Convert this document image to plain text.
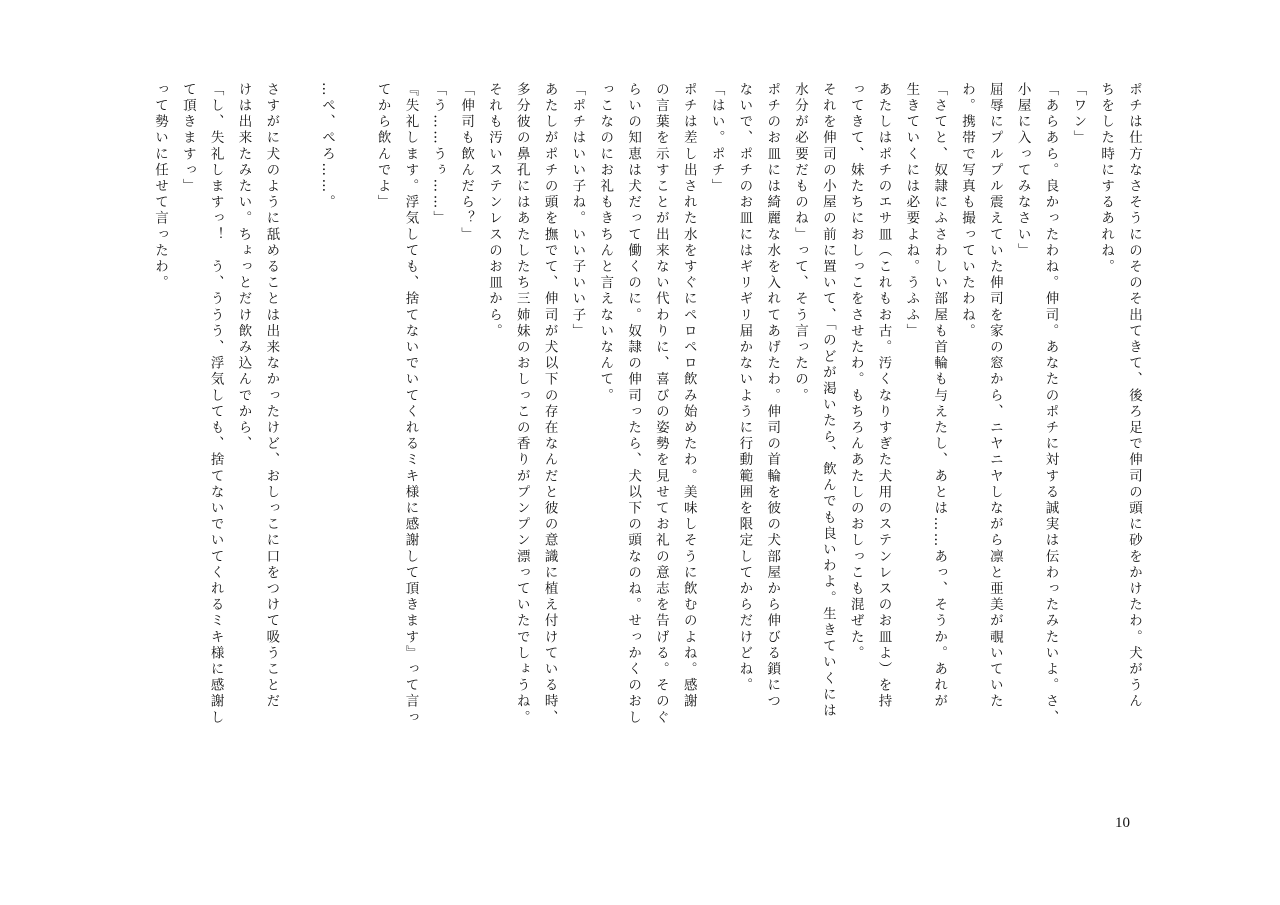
ポチは仕方なさそうにのそのそ出てきて、後ろ足で伸司の頭に砂をかけたわ。犬がうん
ちをした時にするあれね。
「ワン」
「あらあら。良かったわね。伸司。あなたのポチに対する誠実は伝わったみたいよ。さ、
小屋に入ってみなさい」
屈辱にプルプル震えていた伸司を家の窓から、ニヤニヤしながら凛と亜美が覗いていた
わ。携帯で写真も撮っていたわね。
「さてと、奴隷にふさわしい部屋も首輪も与えたし、あとは……あっ、そうか。あれが
生きていくには必要よね。うふふ」
あたしはポチのエサ皿（これもお古。汚くなりすぎた犬用のステンレスのお皿よ）を持
ってきて、妹たちにおしっこをさせたわ。もちろんあたしのおしっこも混ぜた。
それを伸司の小屋の前に置いて、「のどが渇いたら、飲んでも良いわよ。生きていくには
水分が必要だものね」って、そう言ったの。
ポチのお皿には綺麗な水を入れてあげたわ。伸司の首輪を彼の犬部屋から伸びる鎖につ
ないで、ポチのお皿にはギリギリ届かないように行動範囲を限定してからだけどね。
「はい。ポチ」
ポチは差し出された水をすぐにペロペロ飲み始めたわ。美味しそうに飲むのよね。感謝
の言葉を示すことが出来ない代わりに、喜びの姿勢を見せてお礼の意志を告げる。そのぐ
らいの知恵は犬だって働くのに。奴隷の伸司ったら、犬以下の頭なのね。せっかくのおし
っこなのにお礼もきちんと言えないなんて。
「ポチはいい子ね。いい子いい子」
あたしがポチの頭を撫でて、伸司が犬以下の存在なんだと彼の意識に植え付けている時、
多分彼の鼻孔にはあたしたち三姉妹のおしっこの香りがプンプン漂っていたでしょうね。
それも汚いステンレスのお皿から。
「伸司も飲んだら？」
「う……うぅ……」
『失礼します。浮気しても、捨てないでいてくれるミキ様に感謝して頂きます』って言っ
てから飲んでよ」
…ぺ、ぺろ……。
さすがに犬のように舐めることは出来なかったけど、おしっこに口をつけて吸うことだ
けは出来たみたい。ちょっとだけ飲み込んでから、
「し、失礼しますっ！　う、ううう、浮気しても、捨てないでいてくれるミキ様に感謝し
て頂きますっ」
って勢いに任せて言ったわ。
10
